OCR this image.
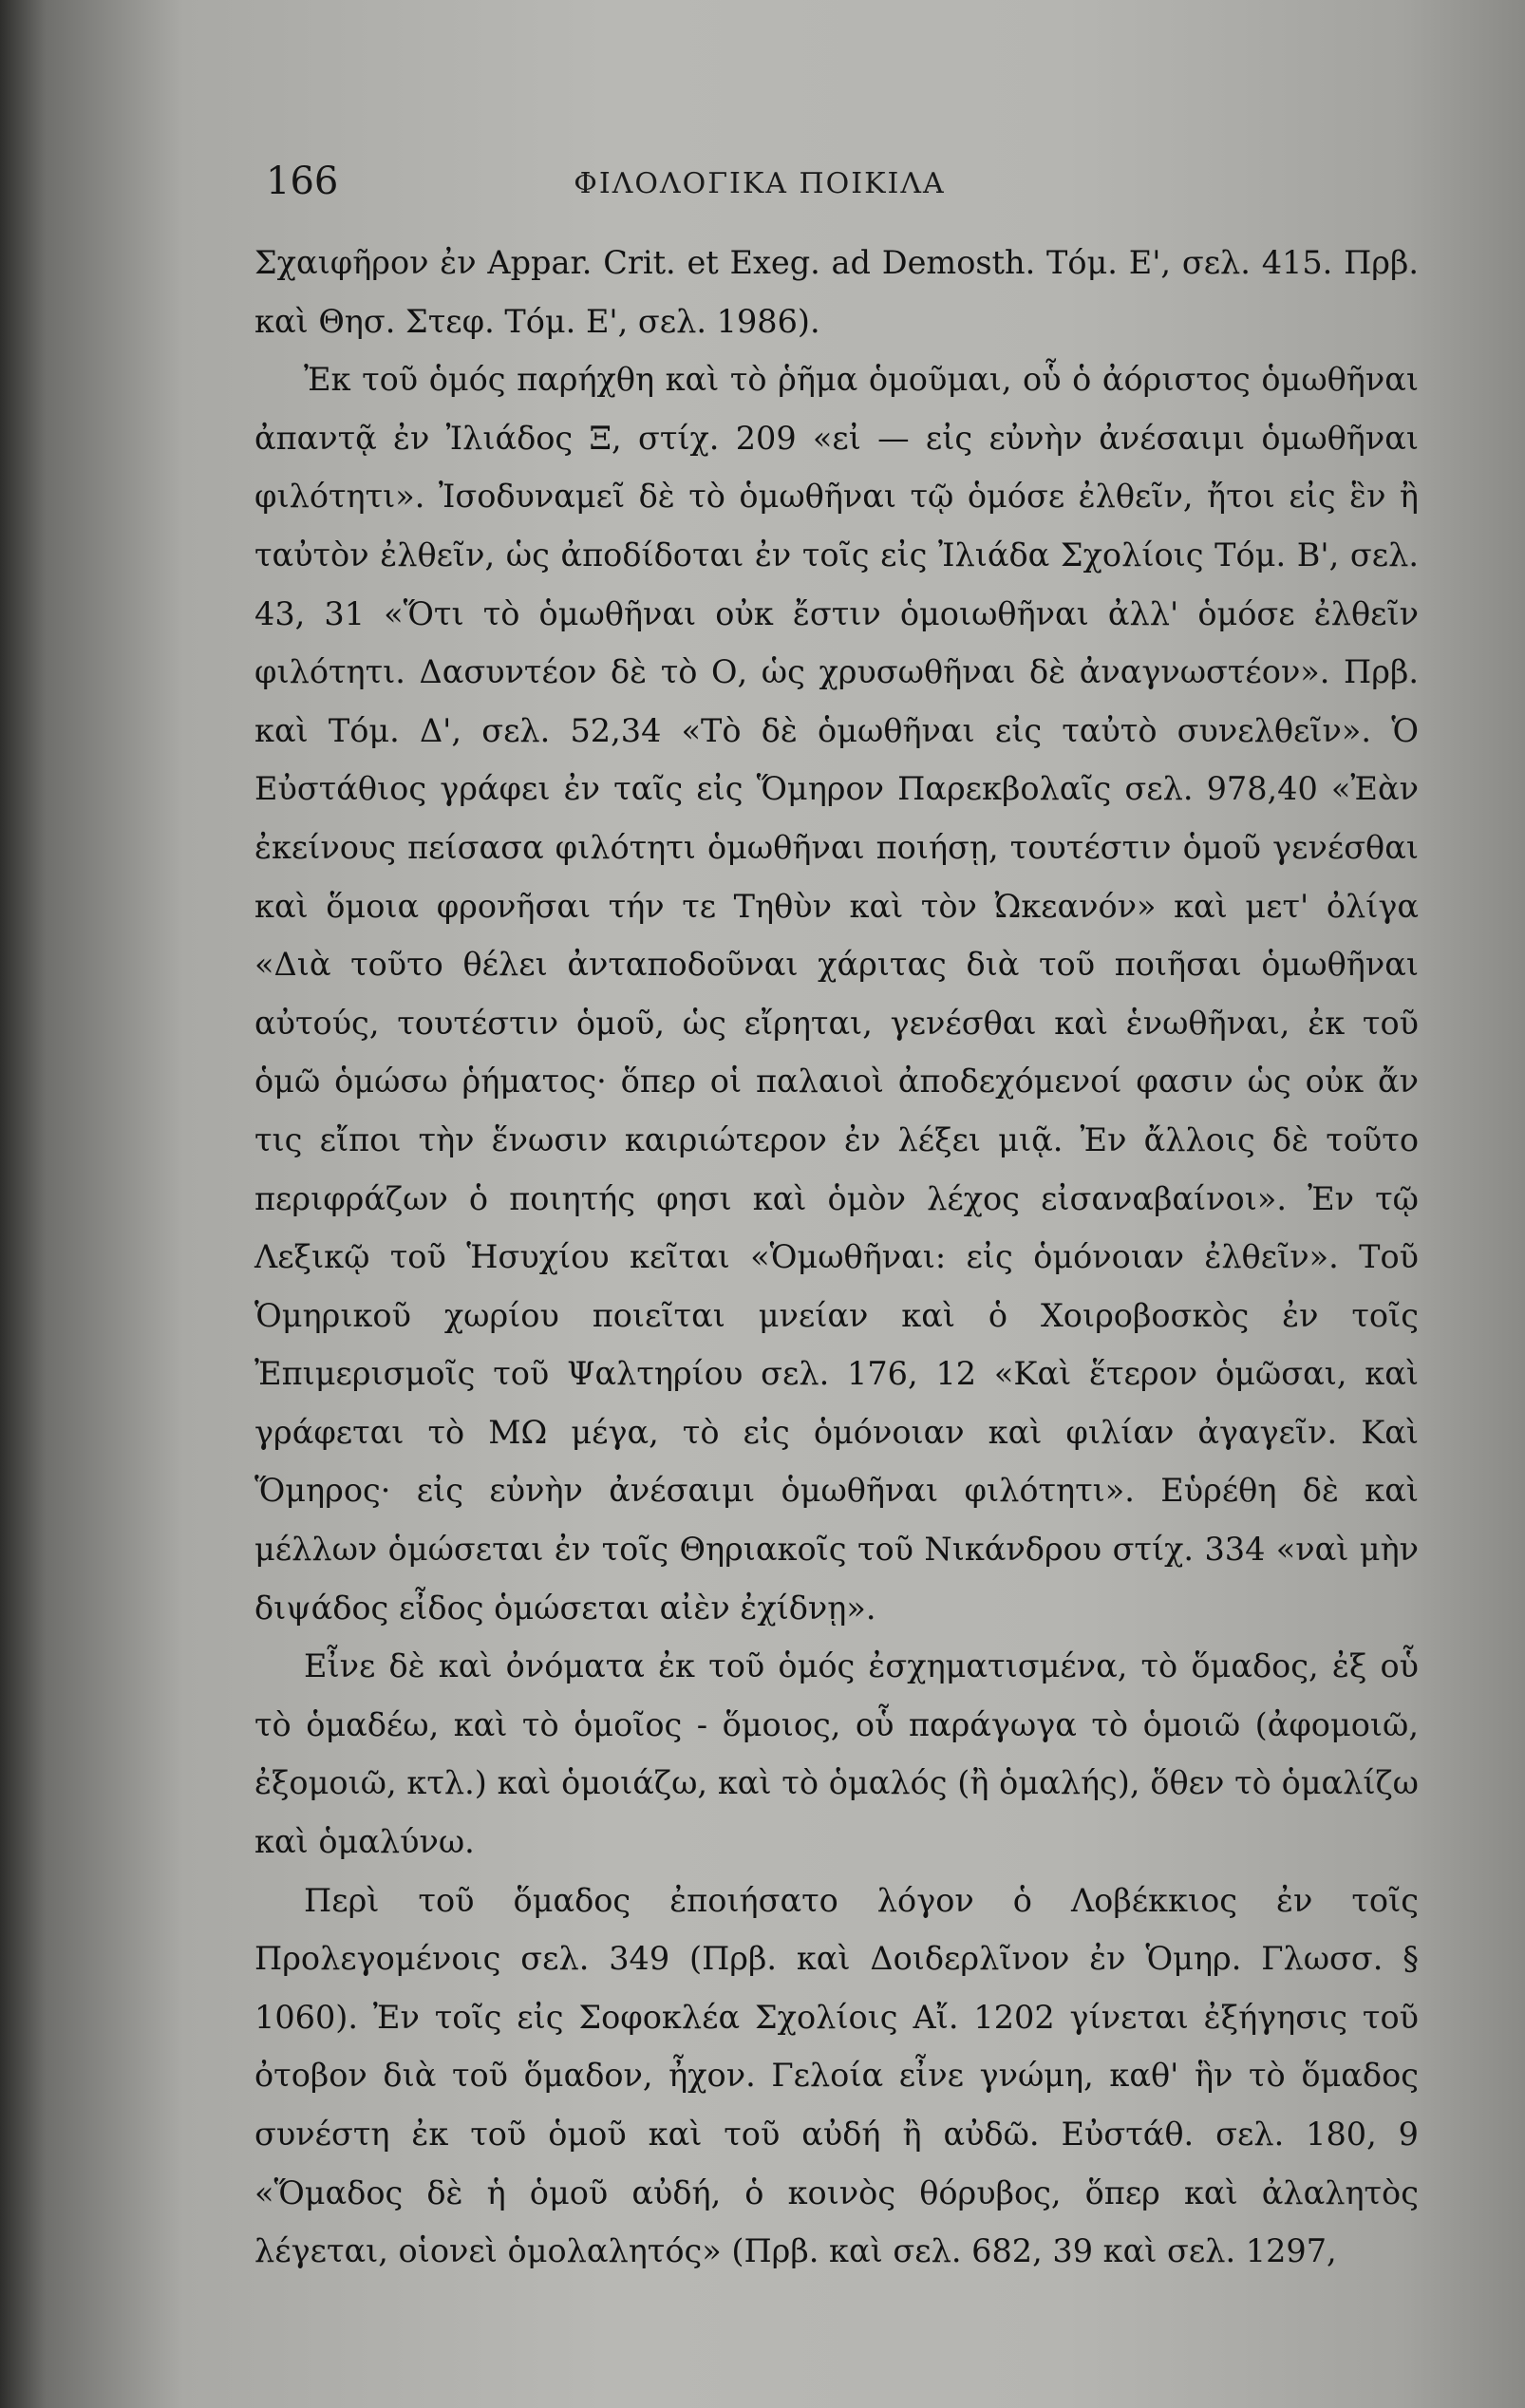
166	ΦΙΛΟΛΟΓΙΚΑ ΠΟΙΚΙΛΑ

Σχαιφῆρον ἐν Appar. Crit. et Exeg. ad Demosth. Τόμ. Ε', σελ. 415. Πρβ. καὶ Θησ. Στεφ. Τόμ. Ε', σελ. 1986).

Ἐκ τοῦ ὁμός παρήχθη καὶ τὸ ῥῆμα ὁμοῦμαι, οὗ ὁ ἀόριστος ὁμωθῆναι ἀπαντᾷ ἐν Ἰλιάδος Ξ, στίχ. 209 «εἰ — εἰς εὐνὴν ἀνέσαιμι ὁμωθῆναι φιλότητι». Ἰσοδυναμεῖ δὲ τὸ ὁμωθῆναι τῷ ὁμόσε ἐλθεῖν, ἤτοι εἰς ἓν ἢ ταὐτὸν ἐλθεῖν, ὡς ἀποδίδοται ἐν τοῖς εἰς Ἰλιάδα Σχολίοις Τόμ. Β', σελ. 43, 31 «Ὅτι τὸ ὁμωθῆναι οὐκ ἔστιν ὁμοιωθῆναι ἀλλ' ὁμόσε ἐλθεῖν φιλότητι. Δασυντέον δὲ τὸ Ο, ὡς χρυσωθῆναι δὲ ἀναγνωστέον». Πρβ. καὶ Τόμ. Δ', σελ. 52,34 «Τὸ δὲ ὁμωθῆναι εἰς ταὐτὸ συνελθεῖν». Ὁ Εὐστάθιος γράφει ἐν ταῖς εἰς Ὅμηρον Παρεκβολαῖς σελ. 978,40 «Ἐὰν ἐκείνους πείσασα φιλότητι ὁμωθῆναι ποιήσῃ, τουτέστιν ὁμοῦ γενέσθαι καὶ ὅμοια φρονῆσαι τήν τε Τηθὺν καὶ τὸν Ὠκεανόν» καὶ μετ' ὀλίγα «Διὰ τοῦτο θέλει ἀνταποδοῦναι χάριτας διὰ τοῦ ποιῆσαι ὁμωθῆναι αὐτούς, τουτέστιν ὁμοῦ, ὡς εἴρηται, γενέσθαι καὶ ἑνωθῆναι, ἐκ τοῦ ὁμῶ ὁμώσω ῥήματος· ὅπερ οἱ παλαιοὶ ἀποδεχόμενοί φασιν ὡς οὐκ ἄν τις εἴποι τὴν ἕνωσιν καιριώτερον ἐν λέξει μιᾷ. Ἐν ἄλλοις δὲ τοῦτο περιφράζων ὁ ποιητής φησι καὶ ὁμὸν λέχος εἰσαναβαίνοι». Ἐν τῷ Λεξικῷ τοῦ Ἡσυχίου κεῖται «Ὁμωθῆναι: εἰς ὁμόνοιαν ἐλθεῖν». Τοῦ Ὁμηρικοῦ χωρίου ποιεῖται μνείαν καὶ ὁ Χοιροβοσκὸς ἐν τοῖς Ἐπιμερισμοῖς τοῦ Ψαλτηρίου σελ. 176, 12 «Καὶ ἕτερον ὁμῶσαι, καὶ γράφεται τὸ ΜΩ μέγα, τὸ εἰς ὁμόνοιαν καὶ φιλίαν ἀγαγεῖν. Καὶ Ὅμηρος· εἰς εὐνὴν ἀνέσαιμι ὁμωθῆναι φιλότητι». Εὑρέθη δὲ καὶ μέλλων ὁμώσεται ἐν τοῖς Θηριακοῖς τοῦ Νικάνδρου στίχ. 334 «ναὶ μὴν διψάδος εἶδος ὁμώσεται αἰὲν ἐχίδνῃ».

Εἶνε δὲ καὶ ὀνόματα ἐκ τοῦ ὁμός ἐσχηματισμένα, τὸ ὅμαδος, ἐξ οὗ τὸ ὁμαδέω, καὶ τὸ ὁμοῖος - ὅμοιος, οὗ παράγωγα τὸ ὁμοιῶ (ἀφομοιῶ, ἐξομοιῶ, κτλ.) καὶ ὁμοιάζω, καὶ τὸ ὁμαλός (ἢ ὁμαλής), ὅθεν τὸ ὁμαλίζω καὶ ὁμαλύνω.

Περὶ τοῦ ὅμαδος ἐποιήσατο λόγον ὁ Λοβέκκιος ἐν τοῖς Προλεγομένοις σελ. 349 (Πρβ. καὶ Δοιδερλῖνον ἐν Ὁμηρ. Γλωσσ. § 1060). Ἐν τοῖς εἰς Σοφοκλέα Σχολίοις Αἴ. 1202 γίνεται ἐξήγησις τοῦ ὀτοβον διὰ τοῦ ὅμαδον, ἦχον. Γελοία εἶνε γνώμη, καθ' ἣν τὸ ὅμαδος συνέστη ἐκ τοῦ ὁμοῦ καὶ τοῦ αὐδή ἢ αὐδῶ. Εὐστάθ. σελ. 180, 9 «Ὅμαδος δὲ ἡ ὁμοῦ αὐδή, ὁ κοινὸς θόρυβος, ὅπερ καὶ ἀλαλητὸς λέγεται, οἱονεὶ ὁμολαλητός» (Πρβ. καὶ σελ. 682, 39 καὶ σελ. 1297,
